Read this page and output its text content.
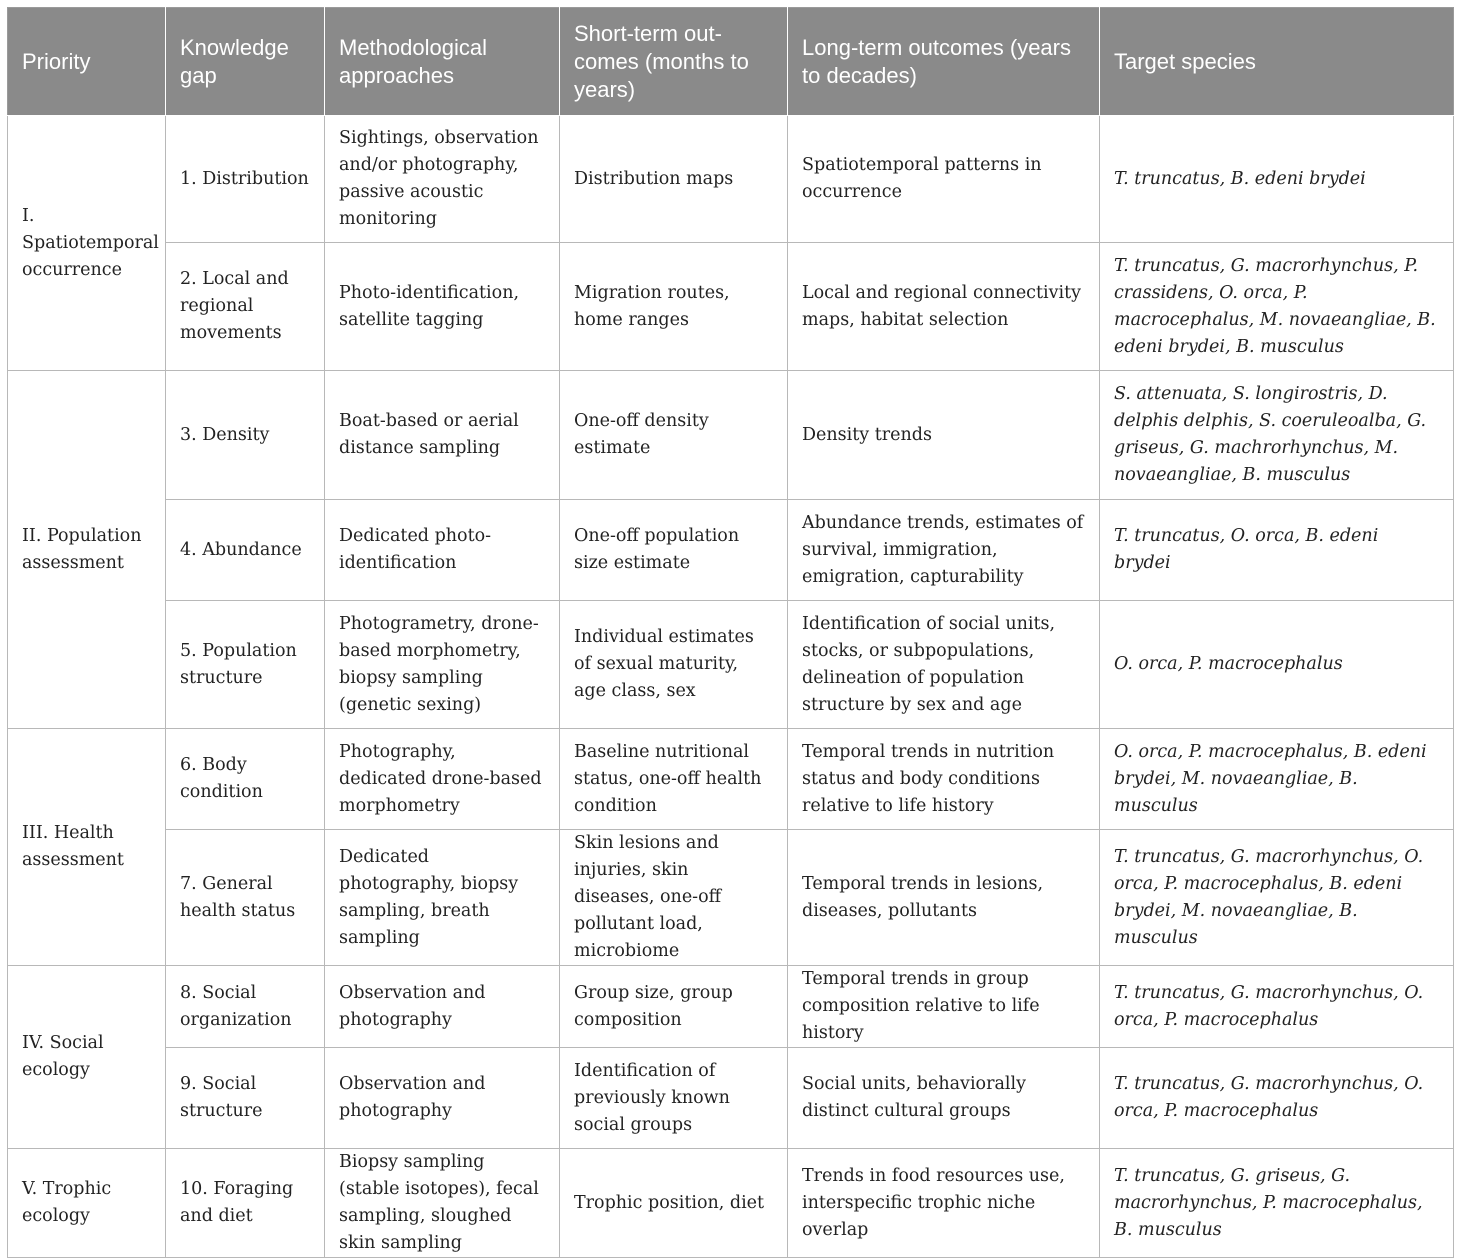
Priority	Knowledge gap	Methodological approaches	Short-term out-comes (months to years)	Long-term outcomes (years to decades)	Target species
I. Spatiotemporal occurrence	1. Distribution	Sightings, observation and/or photography, passive acoustic monitoring	Distribution maps	Spatiotemporal patterns in occurrence	T. truncatus, B. edeni brydei
	2. Local and regional movements	Photo-identification, satellite tagging	Migration routes, home ranges	Local and regional connectivity maps, habitat selection	T. truncatus, G. macrorhynchus, P. crassidens, O. orca, P. macrocephalus, M. novaeangliae, B. edeni brydei, B. musculus
II. Population assessment	3. Density	Boat-based or aerial distance sampling	One-off density estimate	Density trends	S. attenuata, S. longirostris, D. delphis delphis, S. coeruleoalba, G. griseus, G. machrorhynchus, M. novaeangliae, B. musculus
	4. Abundance	Dedicated photo-identification	One-off population size estimate	Abundance trends, estimates of survival, immigration, emigration, capturability	T. truncatus, O. orca, B. edeni brydei
	5. Population structure	Photogrametry, drone-based morphometry, biopsy sampling (genetic sexing)	Individual estimates of sexual maturity, age class, sex	Identification of social units, stocks, or subpopulations, delineation of population structure by sex and age	O. orca, P. macrocephalus
III. Health assessment	6. Body condition	Photography, dedicated drone-based morphometry	Baseline nutritional status, one-off health condition	Temporal trends in nutrition status and body conditions relative to life history	O. orca, P. macrocephalus, B. edeni brydei, M. novaeangliae, B. musculus
	7. General health status	Dedicated photography, biopsy sampling, breath sampling	Skin lesions and injuries, skin diseases, one-off pollutant load, microbiome	Temporal trends in lesions, diseases, pollutants	T. truncatus, G. macrorhynchus, O. orca, P. macrocephalus, B. edeni brydei, M. novaeangliae, B. musculus
IV. Social ecology	8. Social organization	Observation and photography	Group size, group composition	Temporal trends in group composition relative to life history	T. truncatus, G. macrorhynchus, O. orca, P. macrocephalus
	9. Social structure	Observation and photography	Identification of previously known social groups	Social units, behaviorally distinct cultural groups	T. truncatus, G. macrorhynchus, O. orca, P. macrocephalus
V. Trophic ecology	10. Foraging and diet	Biopsy sampling (stable isotopes), fecal sampling, sloughed skin sampling	Trophic position, diet	Trends in food resources use, interspecific trophic niche overlap	T. truncatus, G. griseus, G. macrorhynchus, P. macrocephalus, B. musculus
